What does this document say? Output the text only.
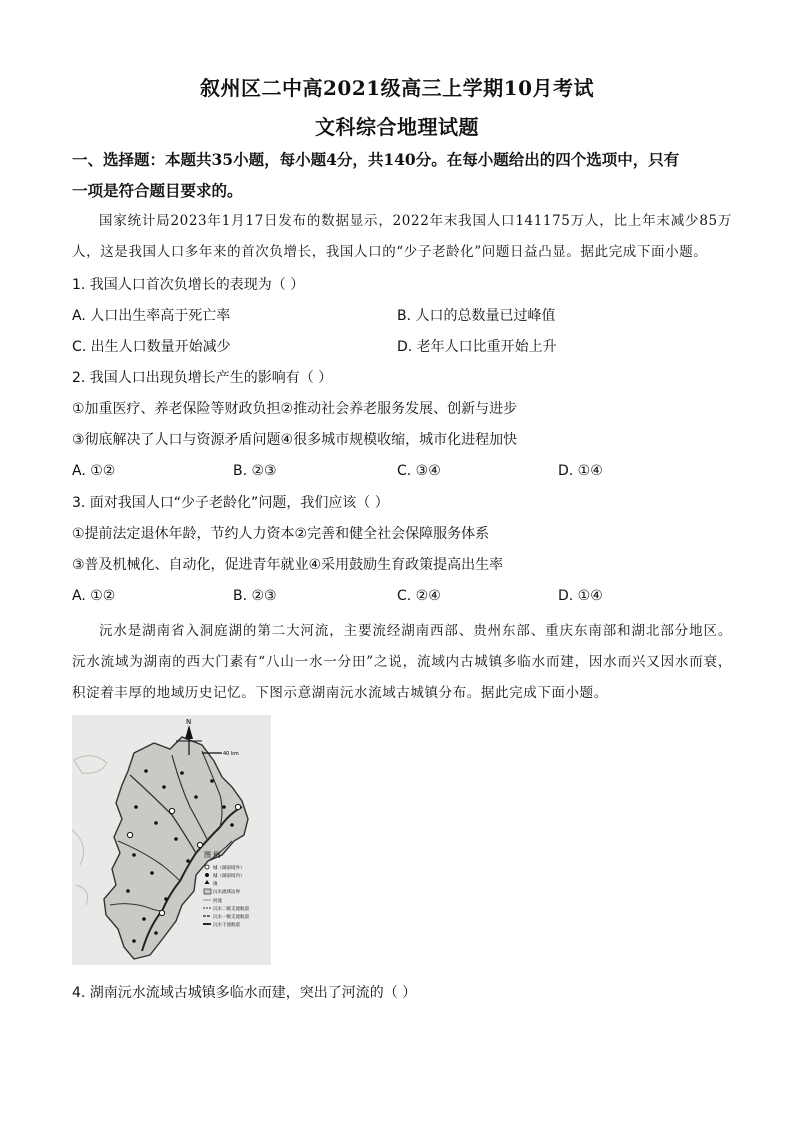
叙州区二中高2021级高三上学期10月考试
文科综合地理试题
一、选择题：本题共35小题，每小题4分，共140分。在每小题给出的四个选项中，只有
一项是符合题目要求的。
国家统计局2023年1月17日发布的数据显示，2022年末我国人口141175万人，比上年末减少85万人，这是我国人口多年来的首次负增长，我国人口的“少子老龄化”问题日益凸显。据此完成下面小题。
1. 我国人口首次负增长的表现为（ ）
A. 人口出生率高于死亡率	B. 人口的总数量已过峰值
C. 出生人口数量开始减少	D. 老年人口比重开始上升
2. 我国人口出现负增长产生的影响有（ ）
①加重医疗、养老保险等财政负担②推动社会养老服务发展、创新与进步
③彻底解决了人口与资源矛盾问题④很多城市规模收缩，城市化进程加快
A. ①②	B. ②③	C. ③④	D. ①④
3. 面对我国人口“少子老龄化”问题，我们应该（ ）
①提前法定退休年龄，节约人力资本②完善和健全社会保障服务体系
③普及机械化、自动化，促进青年就业④采用鼓励生育政策提高出生率
A. ①②	B. ②③	C. ②④	D. ①④
沅水是湖南省入洞庭湖的第二大河流，主要流经湖南西部、贵州东部、重庆东南部和湖北部分地区。沅水流域为湖南的西大门素有“八山一水一分田”之说，流域内古城镇多临水而建，因水而兴又因水而衰，积淀着丰厚的地域历史记忆。下图示意湖南沅水流域古城镇分布。据此完成下面小题。
N
40 km
图 例
城（湖南境外）
城（湖南境内）
镇
沅水流域边界
河流
沅水二级支流航道
沅水一级支流航道
沅水干流航道
4. 湖南沅水流域古城镇多临水而建，突出了河流的（ ）
